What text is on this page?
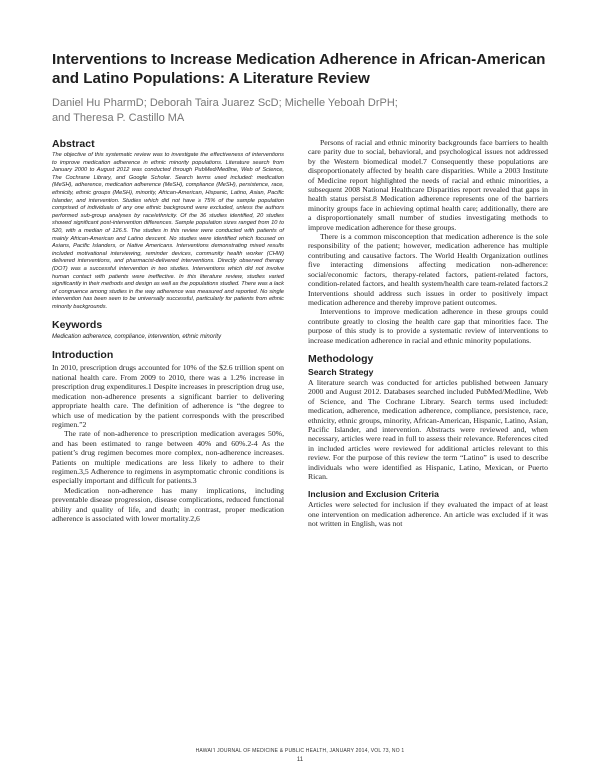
Interventions to Increase Medication Adherence in African-American and Latino Populations: A Literature Review
Daniel Hu PharmD; Deborah Taira Juarez ScD; Michelle Yeboah DrPH;
and Theresa P. Castillo MA
Abstract

The objective of this systematic review was to investigate the effectiveness of interventions to improve medication adherence in ethnic minority populations. Literature search from January 2000 to August 2012 was conducted through PubMed/Medline, Web of Science, The Cochrane Library, and Google Scholar. Search terms used included: medication (MeSH), adherence, medication adherence (MeSH), compliance (MeSH), persistence, race, ethnicity, ethnic groups (MeSH), minority, African-American, Hispanic, Latino, Asian, Pacific Islander, and intervention. Studies which did not have ≥ 75% of the sample population comprised of individuals of any one ethnic background were excluded, unless the authors performed sub-group analyses by race/ethnicity. Of the 36 studies identified, 20 studies showed significant post-intervention differences. Sample population sizes ranged from 10 to 520, with a median of 126.5. The studies in this review were conducted with patients of mainly African-American and Latino descent. No studies were identified which focused on Asians, Pacific Islanders, or Native Americans. Interventions demonstrating mixed results included motivational interviewing, reminder devices, community health worker (CHW) delivered interventions, and pharmacist-delivered interventions. Directly observed therapy (DOT) was a successful intervention in two studies. Interventions which did not involve human contact with patients were ineffective. In this literature review, studies varied significantly in their methods and design as well as the populations studied. There was a lack of congruence among studies in the way adherence was measured and reported. No single intervention has been seen to be universally successful, particularly for patients from ethnic minority backgrounds.

Keywords

Medication adherence, compliance, intervention, ethnic minority

Introduction

In 2010, prescription drugs accounted for 10% of the $2.6 trillion spent on national health care. From 2009 to 2010, there was a 1.2% increase in prescription drug expenditures.1 Despite increases in prescription drug use, medication non-adherence presents a significant barrier to delivering appropriate health care. The definition of adherence is “the degree to which use of medication by the patient corresponds with the prescribed regimen.”2

The rate of non-adherence to prescription medication averages 50%, and has been estimated to range between 40% and 60%.2-4 As the patient’s drug regimen becomes more complex, non-adherence increases. Patients on multiple medications are less likely to adhere to their regimen.3,5 Adherence to regimens in asymptomatic chronic conditions is especially important and difficult for patients.3

Medication non-adherence has many implications, including preventable disease progression, disease complications, reduced functional ability and quality of life, and death; in contrast, proper medication adherence is associated with lower mortality.2,6

Persons of racial and ethnic minority backgrounds face barriers to health care parity due to social, behavioral, and psychological issues not addressed by the Western biomedical model.7 Consequently these populations are disproportionately affected by health care disparities. While a 2003 Institute of Medicine report highlighted the needs of racial and ethnic minorities, a subsequent 2008 National Healthcare Disparities report revealed that gaps in health status persist.8 Medication adherence represents one of the barriers minority groups face in achieving optimal health care; additionally, there are a disproportionately small number of studies investigating methods to improve medication adherence for these groups.

There is a common misconception that medication adherence is the sole responsibility of the patient; however, medication adherence has multiple contributing and causative factors. The World Health Organization outlines five interacting dimensions affecting medication non-adherence: social/economic factors, therapy-related factors, patient-related factors, condition-related factors, and health system/health care team-related factors.2 Interventions should address such issues in order to positively impact medication adherence and thereby improve patient outcomes.

Interventions to improve medication adherence in these groups could contribute greatly to closing the health care gap that minorities face. The purpose of this study is to provide a systematic review of interventions to increase medication adherence in racial and ethnic minority populations.

Methodology
Search Strategy

A literature search was conducted for articles published between January 2000 and August 2012. Databases searched included PubMed/Medline, Web of Science, and The Cochrane Library. Search terms used included: medication, adherence, medication adherence, compliance, persistence, race, ethnicity, ethnic groups, minority, African-American, Hispanic, Latino, Asian, Pacific Islander, and intervention. Abstracts were reviewed and, when necessary, articles were read in full to assess their relevance. References cited in included articles were reviewed for additional articles relevant to this review. For the purpose of this review the term “Latino” is used to describe individuals who were identified as Hispanic, Latino, Mexican, or Puerto Rican.

Inclusion and Exclusion Criteria

Articles were selected for inclusion if they evaluated the impact of at least one intervention on medication adherence. An article was excluded if it was not written in English, was not

HAWAI‘I JOURNAL OF MEDICINE & PUBLIC HEALTH, JANUARY 2014, VOL 73, NO 1
11
